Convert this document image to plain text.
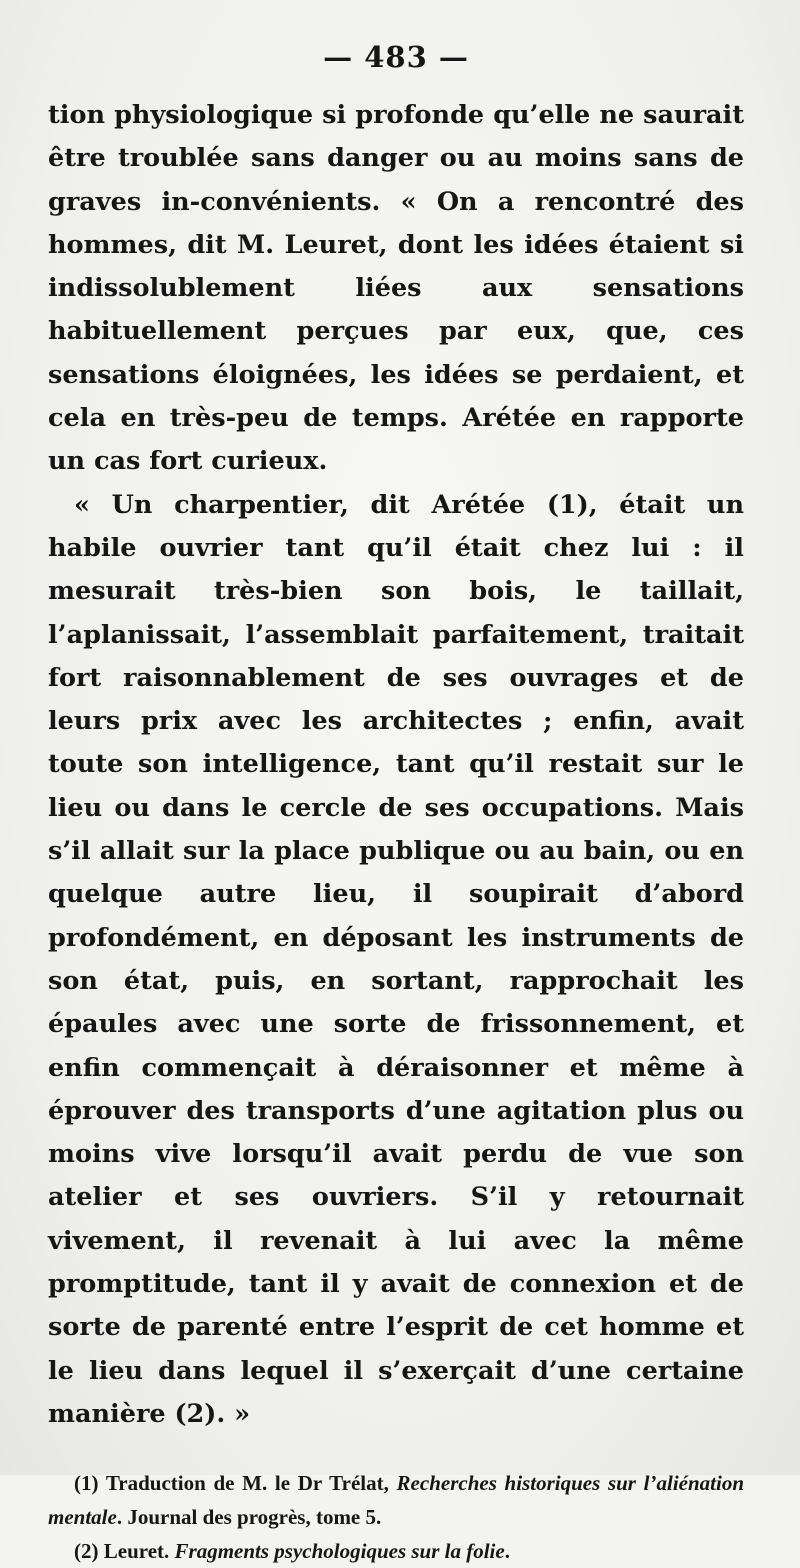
— 483 —

tion physiologique si profonde qu’elle ne saurait être troublée sans danger ou au moins sans de graves in-convénients. « On a rencontré des hommes, dit M. Leuret, dont les idées étaient si indissolublement liées aux sensations habituellement perçues par eux, que, ces sensations éloignées, les idées se perdaient, et cela en très-peu de temps. Arétée en rapporte un cas fort curieux.

« Un charpentier, dit Arétée (1), était un habile ouvrier tant qu’il était chez lui : il mesurait très-bien son bois, le taillait, l’aplanissait, l’assemblait parfaitement, traitait fort raisonnablement de ses ouvrages et de leurs prix avec les architectes ; enfin, avait toute son intelligence, tant qu’il restait sur le lieu ou dans le cercle de ses occupations. Mais s’il allait sur la place publique ou au bain, ou en quelque autre lieu, il soupirait d’abord profondément, en déposant les instruments de son état, puis, en sortant, rapprochait les épaules avec une sorte de frissonnement, et enfin commençait à déraisonner et même à éprouver des transports d’une agitation plus ou moins vive lorsqu’il avait perdu de vue son atelier et ses ouvriers. S’il y retournait vivement, il revenait à lui avec la même promptitude, tant il y avait de connexion et de sorte de parenté entre l’esprit de cet homme et le lieu dans lequel il s’exerçait d’une certaine manière (2). »

(1) Traduction de M. le Dr Trélat, Recherches historiques sur l’aliénation mentale. Journal des progrès, tome 5.

(2) Leuret. Fragments psychologiques sur la folie.
